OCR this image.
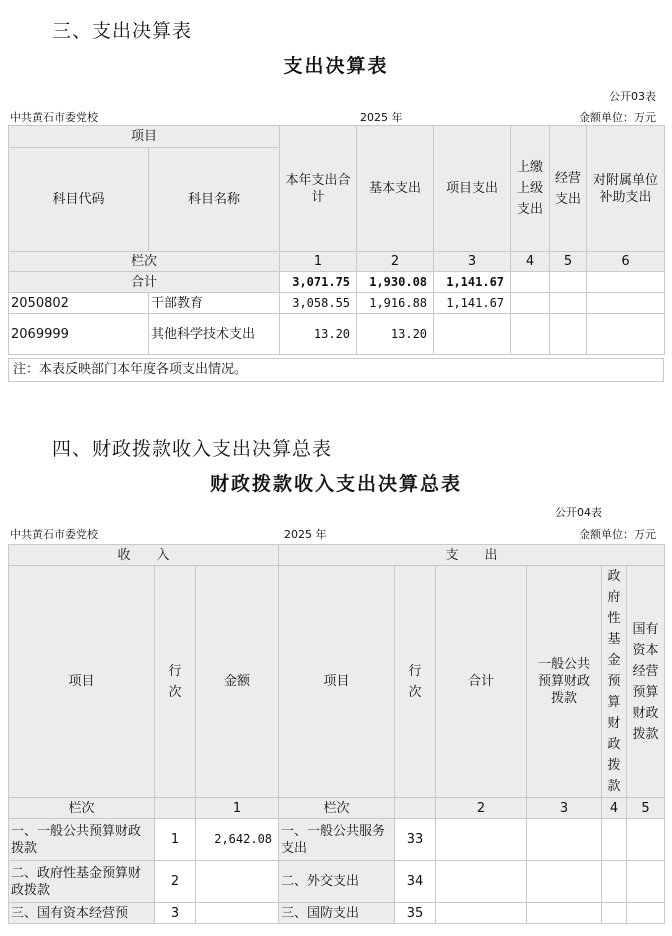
三、支出决算表
支出决算表
公开03表
中共黄石市委党校	2025 年	金额单位：万元
项目		本年支出合计	基本支出	项目支出	上缴上级支出	经营支出	对附属单位补助支出
科目代码	科目名称						
栏次		1	2	3	4	5	6
合计		3,071.75	1,930.08	1,141.67			
2050802	干部教育	3,058.55	1,916.88	1,141.67			
2069999	其他科学技术支出	13.20	13.20				
注：本表反映部门本年度各项支出情况。
四、财政拨款收入支出决算总表
财政拨款收入支出决算总表
公开04表
中共黄石市委党校	2025 年	金额单位：万元
收　　入			支　　出					
项目	行次	金额	项目	行次	合计	一般公共预算财政拨款	政府性基金预算财政拨款	国有资本经营预算财政拨款
栏次		1	栏次		2	3	4	5
一、一般公共预算财政拨款	1	2,642.08	一、一般公共服务支出	33				
二、政府性基金预算财政拨款	2		二、外交支出	34				
三、国有资本经营预	3		三、国防支出	35				
